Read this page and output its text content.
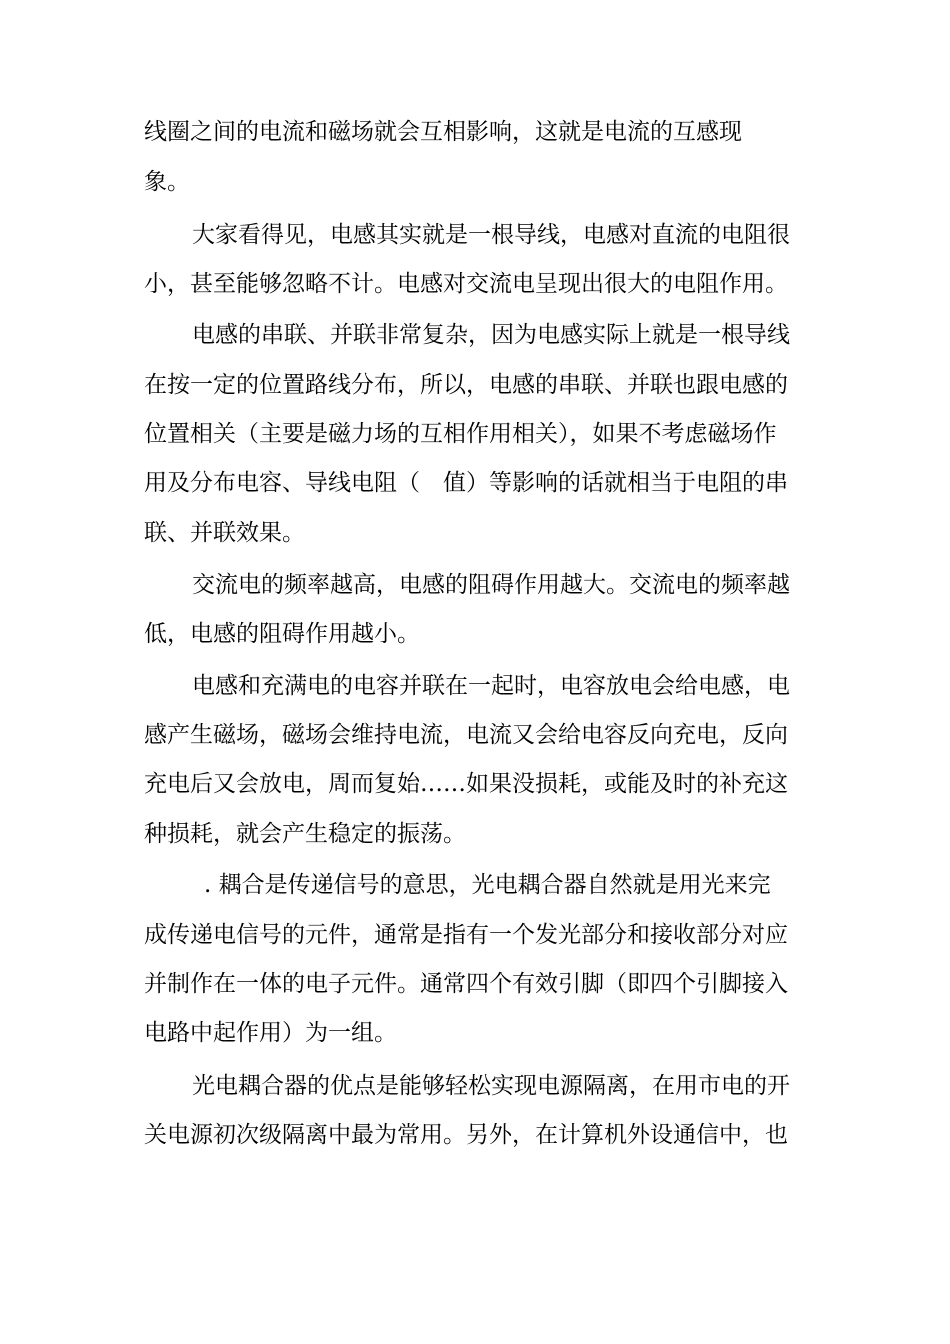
线圈之间的电流和磁场就会互相影响，这就是电流的互感现
象。
大家看得见，电感其实就是一根导线，电感对直流的电阻很
小，甚至能够忽略不计。电感对交流电呈现出很大的电阻作用。
电感的串联、并联非常复杂，因为电感实际上就是一根导线
在按一定的位置路线分布，所以，电感的串联、并联也跟电感的
位置相关（主要是磁力场的互相作用相关），如果不考虑磁场作
用及分布电容、导线电阻（　值）等影响的话就相当于电阻的串
联、并联效果。
交流电的频率越高，电感的阻碍作用越大。交流电的频率越
低，电感的阻碍作用越小。
电感和充满电的电容并联在一起时，电容放电会给电感，电
感产生磁场，磁场会维持电流，电流又会给电容反向充电，反向
充电后又会放电，周而复始……如果没损耗，或能及时的补充这
种损耗，就会产生稳定的振荡。
. 耦合是传递信号的意思，光电耦合器自然就是用光来完
成传递电信号的元件，通常是指有一个发光部分和接收部分对应
并制作在一体的电子元件。通常四个有效引脚（即四个引脚接入
电路中起作用）为一组。
光电耦合器的优点是能够轻松实现电源隔离，在用市电的开
关电源初次级隔离中最为常用。另外，在计算机外设通信中，也
